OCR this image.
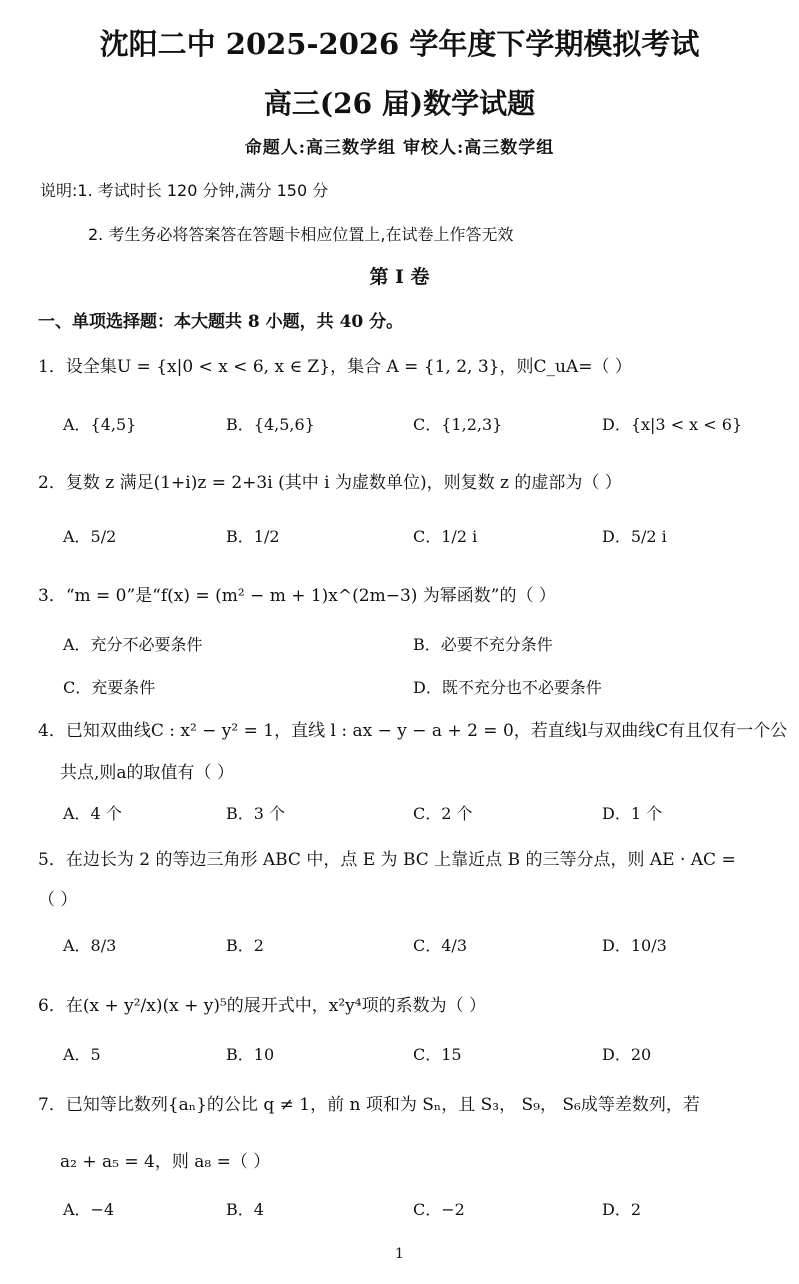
沈阳二中 2025-2026 学年度下学期模拟考试
高三(26 届)数学试题
命题人:高三数学组 审校人:高三数学组
说明:1. 考试时长 120 分钟,满分 150 分
2. 考生务必将答案答在答题卡相应位置上,在试卷上作答无效
第 I 卷
一、单项选择题：本大题共 8 小题，共 40 分。
1．设全集U = {x|0 < x < 6, x ∈ Z}，集合 A = {1, 2, 3}，则C_uA=（ ）
A．{4,5}	B．{4,5,6}	C．{1,2,3}	D．{x|3 < x < 6}
2．复数 z 满足(1+i)z = 2+3i (其中 i 为虚数单位)，则复数 z 的虚部为（ ）
A．5/2	B．1/2	C．1/2 i	D．5/2 i
3．“m = 0”是“f(x) = (m² − m + 1)x^(2m−3) 为幂函数”的（ ）
A．充分不必要条件	B．必要不充分条件
C．充要条件	D．既不充分也不必要条件
4．已知双曲线C : x² − y² = 1，直线 l : ax − y − a + 2 = 0，若直线l与双曲线C有且仅有一个公
共点,则a的取值有（ ）
A．4 个	B．3 个	C．2 个	D．1 个
5．在边长为 2 的等边三角形 ABC 中，点 E 为 BC 上靠近点 B 的三等分点，则 AE · AC =
（ ）
A．8/3	B．2	C．4/3	D．10/3
6．在(x + y²/x)(x + y)⁵的展开式中，x²y⁴项的系数为（ ）
A．5	B．10	C．15	D．20
7．已知等比数列{aₙ}的公比 q ≠ 1，前 n 项和为 Sₙ，且 S₃， S₉， S₆成等差数列，若
a₂ + a₅ = 4，则 a₈ =（ ）
A．−4	B．4	C．−2	D．2
1
